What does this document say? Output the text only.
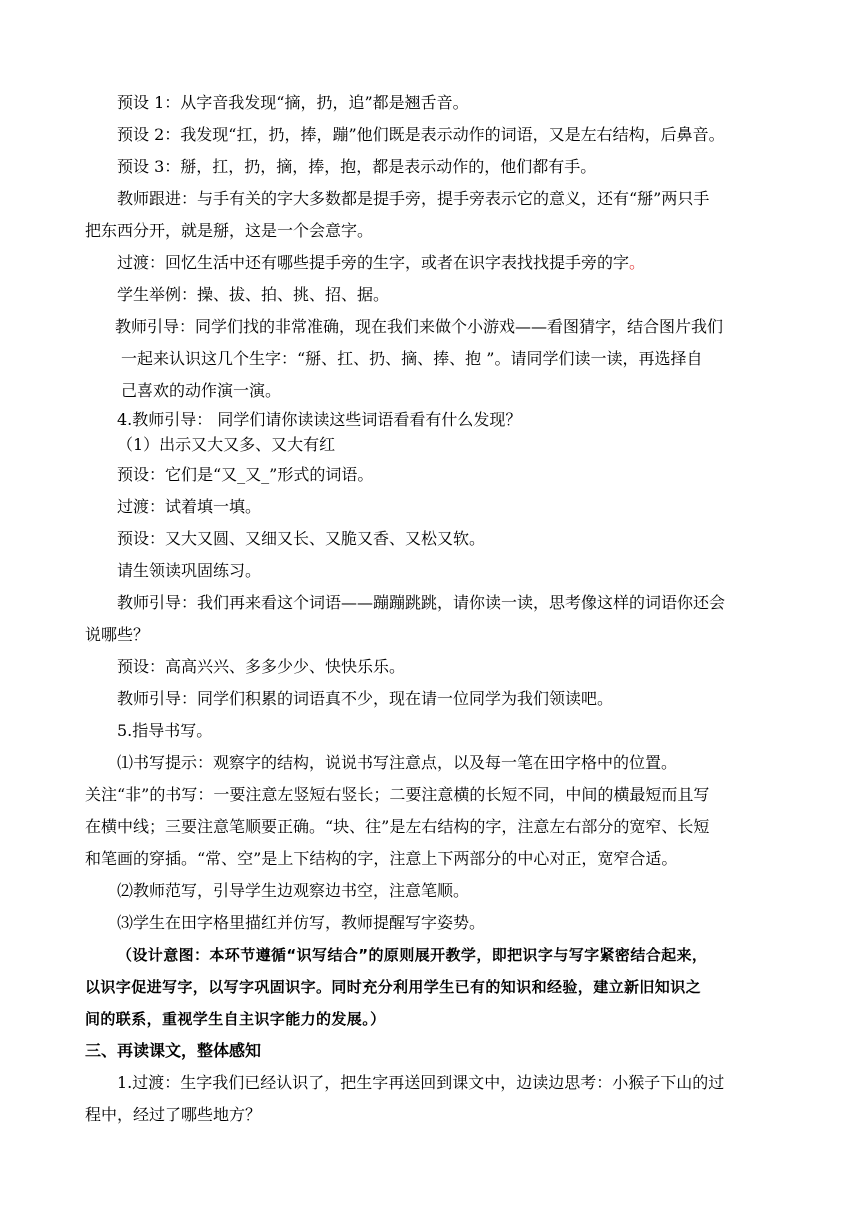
预设 1：从字音我发现“摘，扔，追”都是翘舌音。

预设 2：我发现“扛，扔，捧，蹦”他们既是表示动作的词语，又是左右结构，后鼻音。

预设 3：掰，扛，扔，摘，捧，抱，都是表示动作的，他们都有手。

教师跟进：与手有关的字大多数都是提手旁，提手旁表示它的意义，还有“掰”两只手

把东西分开，就是掰，这是一个会意字。

过渡：回忆生活中还有哪些提手旁的生字，或者在识字表找找提手旁的字。

学生举例：操、拔、拍、挑、招、据。

教师引导：同学们找的非常准确，现在我们来做个小游戏——看图猜字，结合图片我们

一起来认识这几个生字：“掰、扛、扔、摘、捧、抱 ”。请同学们读一读，再选择自

己喜欢的动作演一演。

4.教师引导： 同学们请你读读这些词语看看有什么发现？

（1）出示又大又多、又大有红

预设：它们是“又_又_”形式的词语。

过渡：试着填一填。

预设：又大又圆、又细又长、又脆又香、又松又软。

请生领读巩固练习。

教师引导：我们再来看这个词语——蹦蹦跳跳，请你读一读，思考像这样的词语你还会

说哪些？

预设：高高兴兴、多多少少、快快乐乐。

教师引导：同学们积累的词语真不少，现在请一位同学为我们领读吧。

5.指导书写。

⑴书写提示：观察字的结构，说说书写注意点，以及每一笔在田字格中的位置。

关注“非”的书写：一要注意左竖短右竖长；二要注意横的长短不同，中间的横最短而且写

在横中线；三要注意笔顺要正确。“块、往”是左右结构的字，注意左右部分的宽窄、长短

和笔画的穿插。“常、空”是上下结构的字，注意上下两部分的中心对正，宽窄合适。

⑵教师范写，引导学生边观察边书空，注意笔顺。

⑶学生在田字格里描红并仿写，教师提醒写字姿势。

（设计意图：本环节遵循“识写结合”的原则展开教学，即把识字与写字紧密结合起来，

以识字促进写字，以写字巩固识字。同时充分利用学生已有的知识和经验，建立新旧知识之

间的联系，重视学生自主识字能力的发展。）

三、再读课文，整体感知

1.过渡：生字我们已经认识了，把生字再送回到课文中，边读边思考：小猴子下山的过

程中，经过了哪些地方？
